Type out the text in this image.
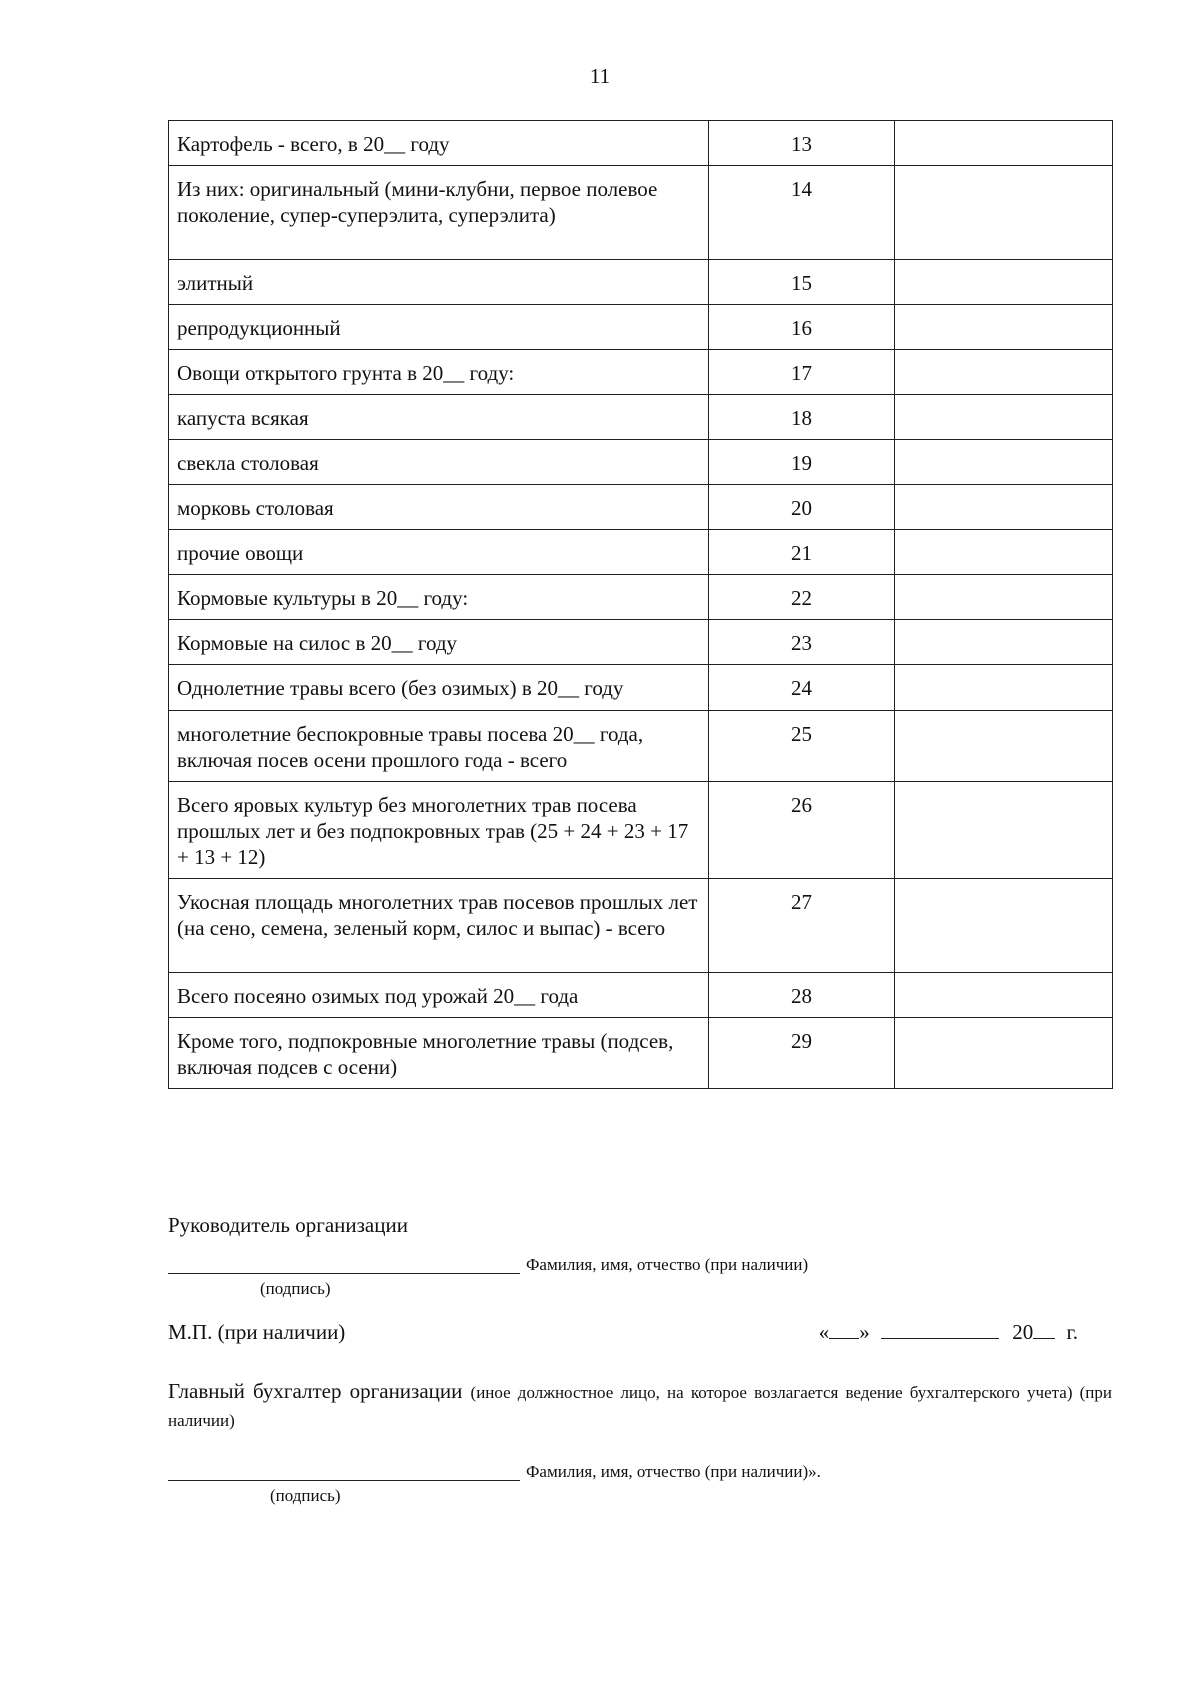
11
Картофель - всего, в 20__ году	13	
Из них: оригинальный (мини-клубни, первое полевое поколение, супер-суперэлита, суперэлита)	14	
элитный	15	
репродукционный	16	
Овощи открытого грунта в 20__ году:	17	
капуста всякая	18	
свекла столовая	19	
морковь столовая	20	
прочие овощи	21	
Кормовые культуры в 20__ году:	22	
Кормовые на силос в 20__ году	23	
Однолетние травы всего (без озимых) в 20__ году	24	
многолетние беспокровные травы посева 20__ года, включая посев осени прошлого года - всего	25	
Всего яровых культур без многолетних трав посева прошлых лет и без подпокровных трав (25 + 24 + 23 + 17 + 13 + 12)	26	
Укосная площадь многолетних трав посевов прошлых лет (на сено, семена, зеленый корм, силос и выпас) - всего	27	
Всего посеяно озимых под урожай 20__ года	28	
Кроме того, подпокровные многолетние травы (подсев, включая подсев с осени)	29	
Руководитель организации
Фамилия, имя, отчество (при наличии)
(подпись)
М.П. (при наличии)	« »	20 г.
Главный бухгалтер организации (иное должностное лицо, на которое возлагается ведение бухгалтерского учета) (при наличии)
Фамилия, имя, отчество (при наличии)».
(подпись)
